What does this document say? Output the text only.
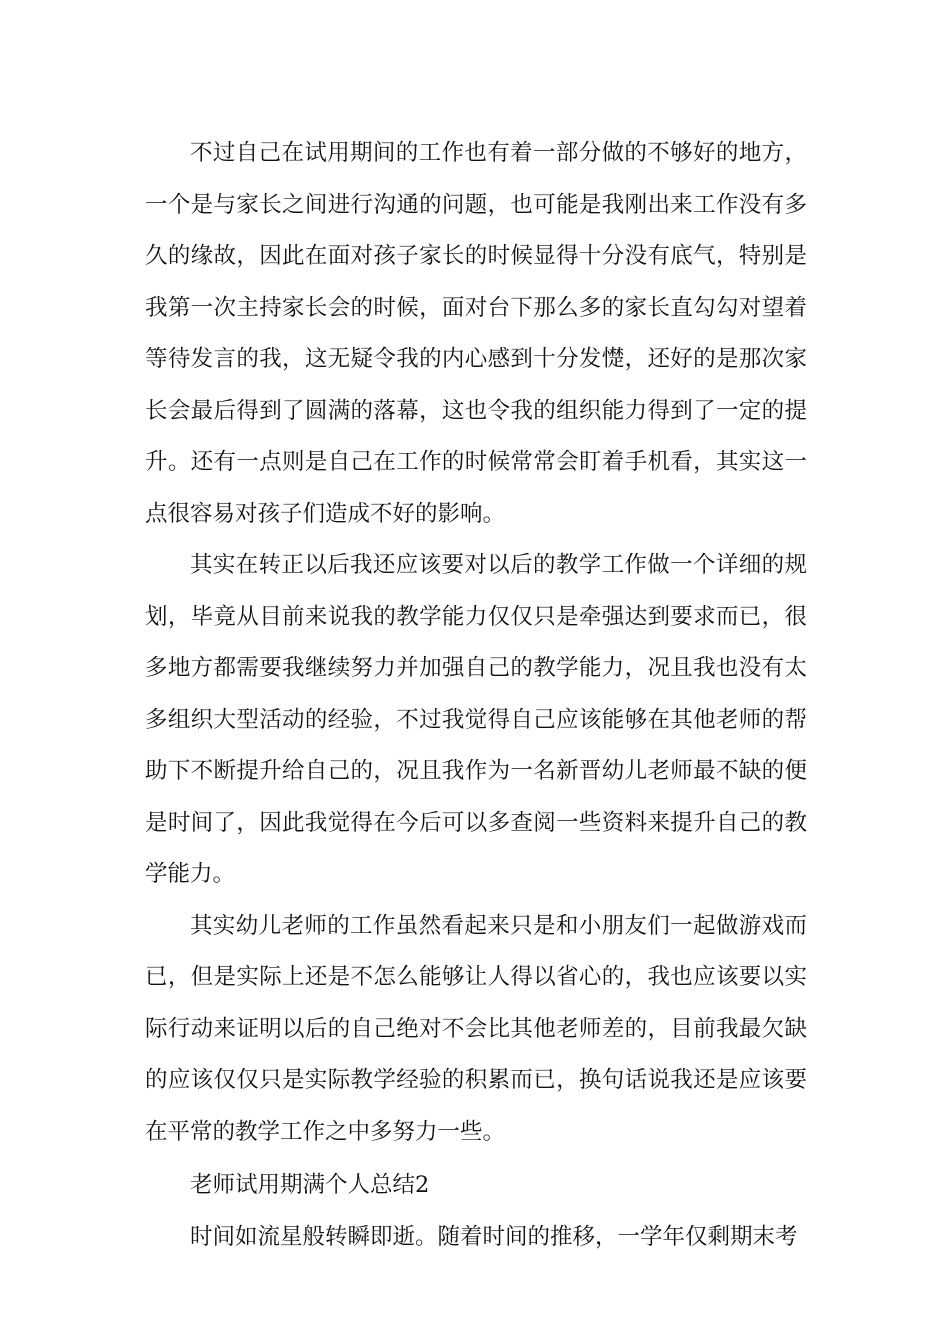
不过自己在试用期间的工作也有着一部分做的不够好的地方，一个是与家长之间进行沟通的问题，也可能是我刚出来工作没有多久的缘故，因此在面对孩子家长的时候显得十分没有底气，特别是我第一次主持家长会的时候，面对台下那么多的家长直勾勾对望着等待发言的我，这无疑令我的内心感到十分发憷，还好的是那次家长会最后得到了圆满的落幕，这也令我的组织能力得到了一定的提升。还有一点则是自己在工作的时候常常会盯着手机看，其实这一点很容易对孩子们造成不好的影响。

其实在转正以后我还应该要对以后的教学工作做一个详细的规划，毕竟从目前来说我的教学能力仅仅只是牵强达到要求而已，很多地方都需要我继续努力并加强自己的教学能力，况且我也没有太多组织大型活动的经验，不过我觉得自己应该能够在其他老师的帮助下不断提升给自己的，况且我作为一名新晋幼儿老师最不缺的便是时间了，因此我觉得在今后可以多查阅一些资料来提升自己的教学能力。

其实幼儿老师的工作虽然看起来只是和小朋友们一起做游戏而已，但是实际上还是不怎么能够让人得以省心的，我也应该要以实际行动来证明以后的自己绝对不会比其他老师差的，目前我最欠缺的应该仅仅只是实际教学经验的积累而已，换句话说我还是应该要在平常的教学工作之中多努力一些。

老师试用期满个人总结2

时间如流星般转瞬即逝。随着时间的推移，一学年仅剩期末考
